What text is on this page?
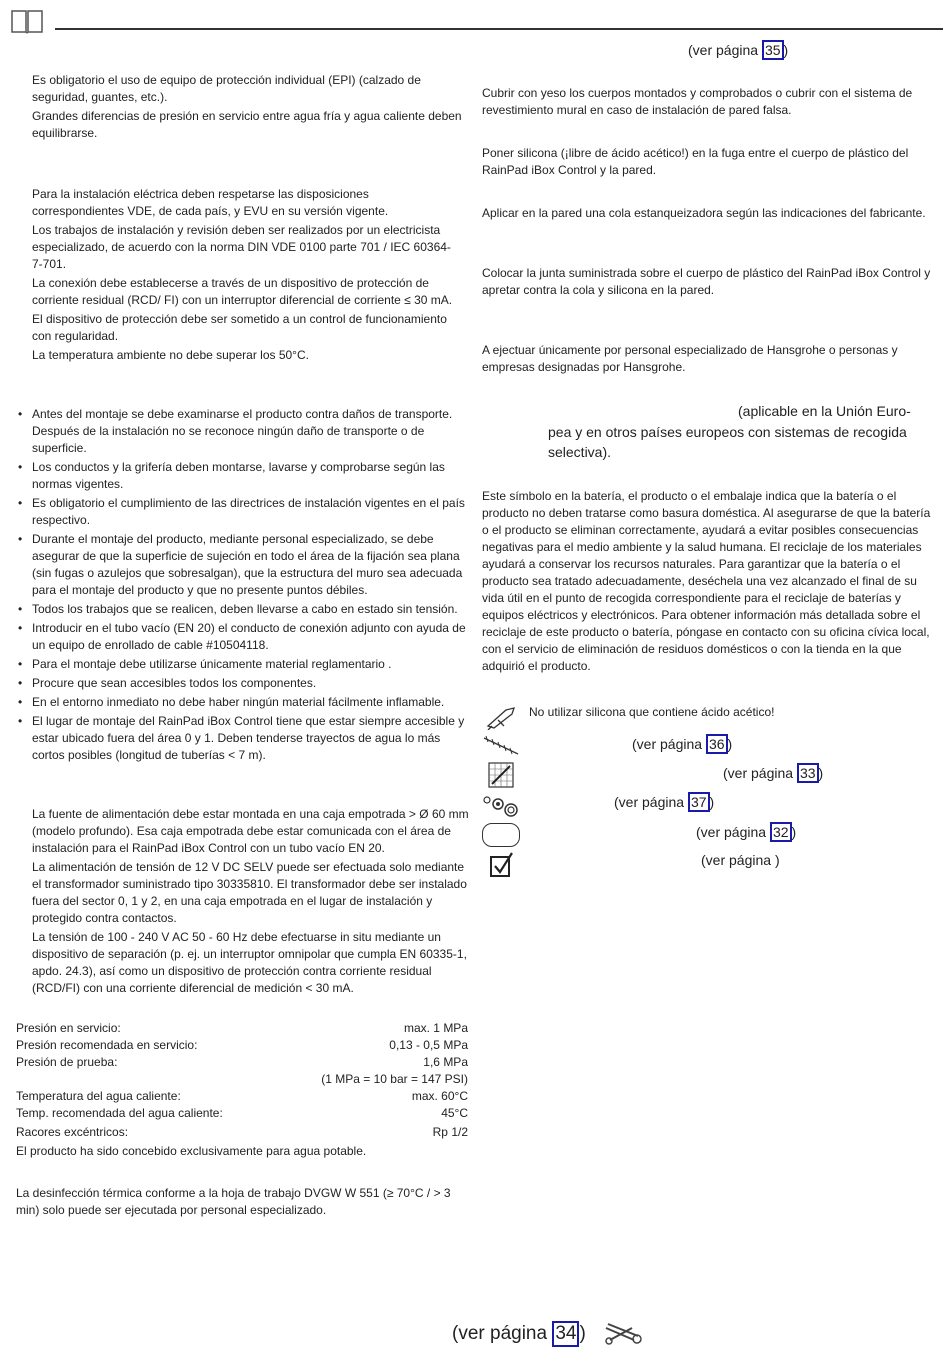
(ver página 35 )

Es obligatorio el uso de equipo de protección individual (EPI) (calzado de seguridad, guantes, etc.).

Grandes diferencias de presión en servicio entre agua fría y agua caliente deben equilibrarse.

Para la instalación eléctrica deben respetarse las disposiciones correspondientes VDE, de cada país, y EVU en su versión vigente.

Los trabajos de instalación y revisión deben ser realizados por un electricista especializado, de acuerdo con la norma DIN VDE 0100 parte 701 / IEC 60364-7-701.

La conexión debe establecerse a través de un dispositivo de protección de corriente residual (RCD/ FI) con un interruptor diferencial de corriente ≤ 30 mA.

El dispositivo de protección debe ser sometido a un control de funcionamiento con regularidad.

La temperatura ambiente no debe superar los 50°C.

• Antes del montaje se debe examinarse el producto contra daños de transporte. Después de la instalación no se reconoce ningún daño de transporte o de superficie.
• Los conductos y la grifería deben montarse, lavarse y comprobarse según las normas vigentes.
• Es obligatorio el cumplimiento de las directrices de instalación vigentes en el país respectivo.
• Durante el montaje del producto, mediante personal especializado, se debe asegurar de que la superficie de sujeción en todo el área de la fijación sea plana (sin fugas o azulejos que sobresalgan), que la estructura del muro sea adecuada para el montaje del producto y que no presente puntos débiles.
• Todos los trabajos que se realicen, deben llevarse a cabo en estado sin tensión.
• Introducir en el tubo vacío (EN 20) el conducto de conexión adjunto con ayuda de un equipo de enrollado de cable #10504118.
• Para el montaje debe utilizarse únicamente material reglamentario .
• Procure que sean accesibles todos los componentes.
• En el entorno inmediato no debe haber ningún material fácilmente inflamable.
• El lugar de montaje del RainPad iBox Control tiene que estar siempre accesible y estar ubicado fuera del área 0 y 1. Deben tenderse trayectos de agua lo más cortos posibles (longitud de tuberías < 7 m).

La fuente de alimentación debe estar montada en una caja empotrada > Ø 60 mm (modelo profundo). Esa caja empotrada debe estar comunicada con el área de instalación para el RainPad iBox Control con un tubo vacío EN 20.

La alimentación de tensión de 12 V DC SELV puede ser efectuada solo mediante el transformador suministrado tipo 30335810. El transformador debe ser instalado fuera del sector 0, 1 y 2, en una caja empotrada en el lugar de instalación y protegido contra contactos.

La tensión de 100 - 240 V AC 50 - 60 Hz debe efectuarse in situ mediante un dispositivo de separación (p. ej. un interruptor omnipolar que cumpla EN 60335-1, apdo. 24.3), así como un dispositivo de protección contra corriente residual (RCD/FI) con una corriente diferencial de medición < 30 mA.

Presión en servicio:	max. 1 MPa
Presión recomendada en servicio:	0,13 - 0,5 MPa
Presión de prueba:	1,6 MPa
(1 MPa = 10 bar = 147 PSI)
Temperatura del agua caliente:	max. 60°C
Temp. recomendada del agua caliente:	45°C
Racores excéntricos:	Rp 1/2
El producto ha sido concebido exclusivamente para agua potable.
La desinfección térmica conforme a la hoja de trabajo DVGW W 551 (≥ 70°C / > 3 min) solo puede ser ejecutada por personal especializado.
Cubrir con yeso los cuerpos montados y comprobados o cubrir con el sistema de revestimiento mural en caso de instalación de pared falsa.
Poner silicona (¡libre de ácido acético!) en la fuga entre el cuerpo de plástico del RainPad iBox Control y la pared.
Aplicar en la pared una cola estanqueizadora según las indicaciones del fabricante.
Colocar la junta suministrada sobre el cuerpo de plástico del RainPad iBox Control y apretar contra la cola y silicona en la pared.
A ejectuar únicamente por personal especializado de Hansgrohe o personas y empresas designadas por Hansgrohe.
(aplicable en la Unión Euro-
pea y en otros países europeos con sistemas de recogida selectiva).
Este símbolo en la batería, el producto o el embalaje indica que la batería o el producto no deben tratarse como basura doméstica. Al asegurarse de que la batería o el producto se eliminan correctamente, ayudará a evitar posibles consecuencias negativas para el medio ambiente y la salud humana. El reciclaje de los materiales ayudará a conservar los recursos naturales. Para garantizar que la batería o el producto sea tratado adecuadamente, deséchela una vez alcanzado el final de su vida útil en el punto de recogida correspondiente para el reciclaje de baterías y equipos eléctricos y electrónicos. Para obtener información más detallada sobre el reciclaje de este producto o batería, póngase en contacto con su oficina cívica local, con el servicio de eliminación de residuos domésticos o con la tienda en la que adquirió el producto.
No utilizar silicona que contiene ácido acético!
(ver página 36 )
(ver página 33 )
(ver página 37 )
(ver página 32 )
(ver página )
(ver página 34 )
